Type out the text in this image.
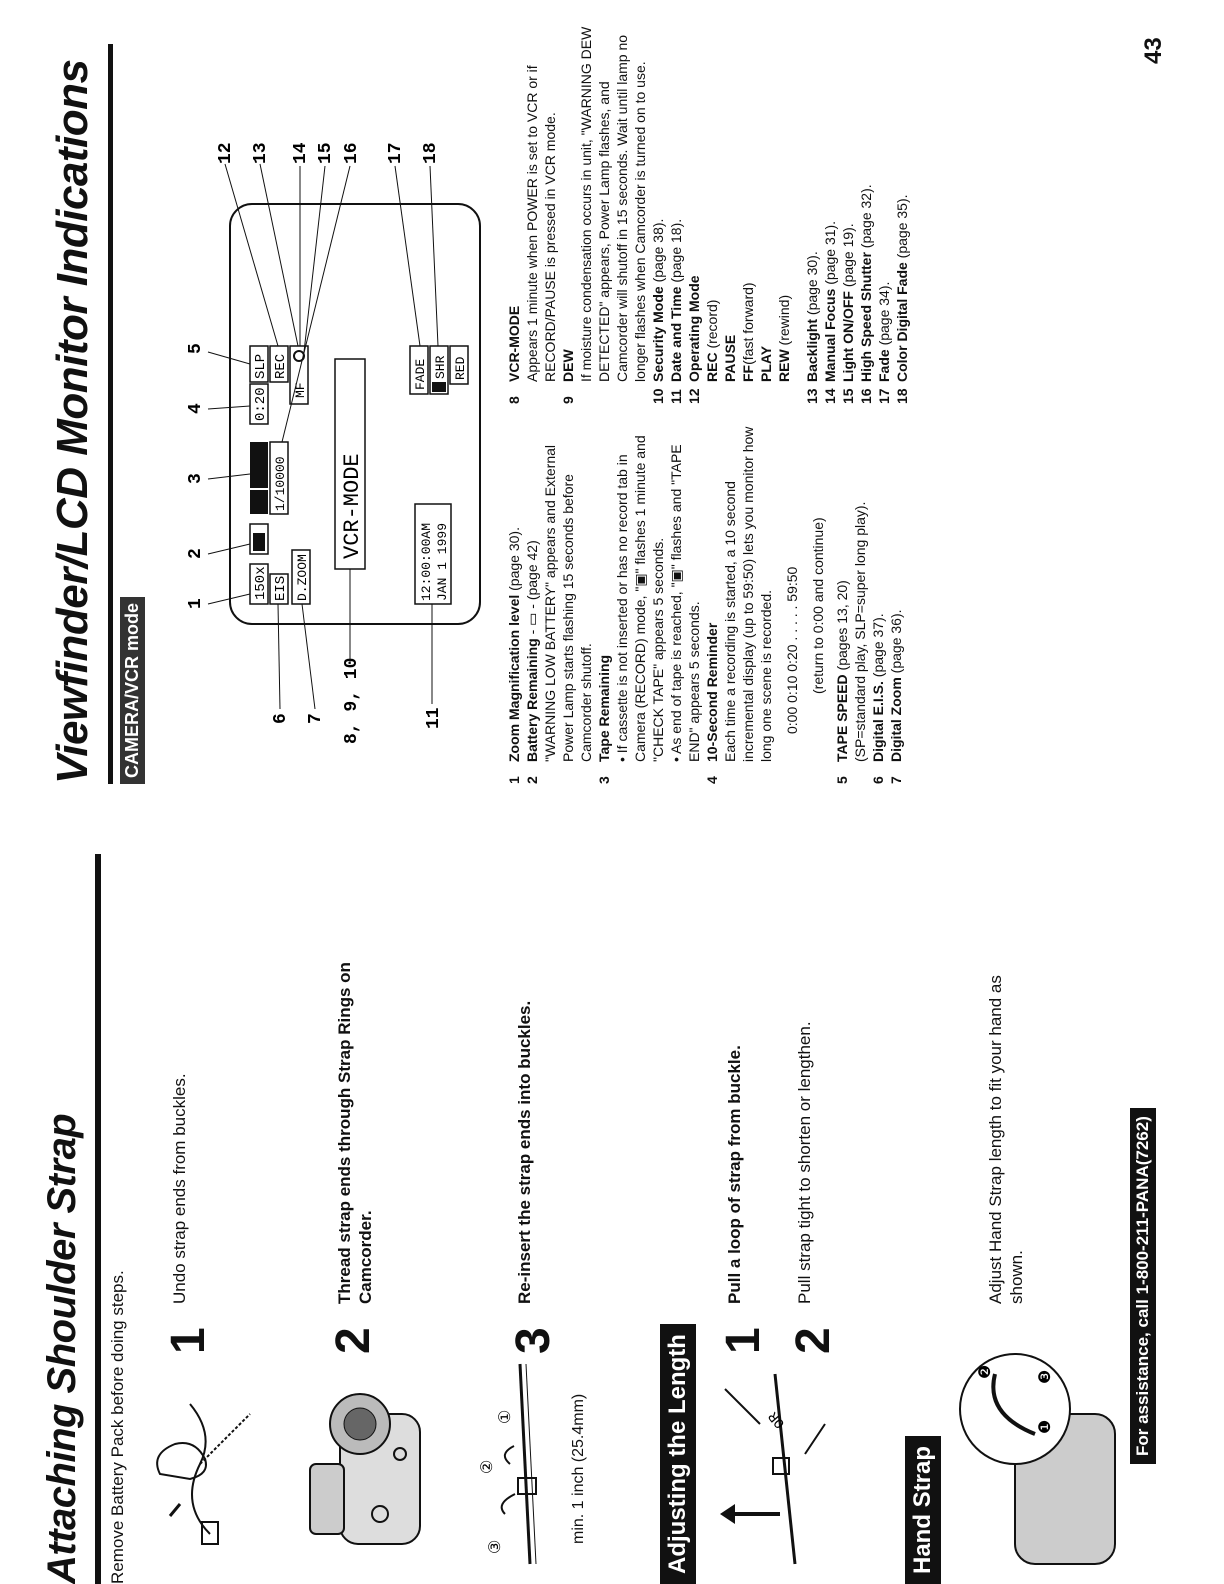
Attaching Shoulder Strap Remove Battery Pack before doing steps. 1
Undo strap ends from buckles.
2
Thread strap ends through Strap Rings on Camcorder.
③
②
①	min. 1 inch (25.4mm)
3
Re-insert the strap ends into buckles.
Adjusting the Length	OR
1
Pull a loop of strap from buckle.
2
Pull strap tight to shorten or lengthen.
Hand Strap
❶
❷	❸
Adjust Hand Strap length to fit your hand as shown.	For assistance, call 1-800-211-PANA(7262)
Viewfinder/LCD Monitor Indications CAMERA/VCR mode
150x EIS D.ZOOM
1/10000
0:20
SLP REC
MF
VCR-MODE
12:00:00AM JAN 1 1999
FADE SHR RED
1
2
3
4
5
6 7 8, 9, 10	11
12 13 14 15 16 17 18
1
Zoom Magnification level (page 30).
2
Battery Remaining - ▭ - (page 42) "WARNING LOW BATTERY" appears and External Power Lamp starts flashing 15 seconds before Camcorder shutoff.
3
Tape Remaining • If cassette is not inserted or has no record tab in Camera (RECORD) mode, "▣" flashes 1 minute and "CHECK TAPE" appears 5 seconds. • As end of tape is reached, "▣" flashes and "TAPE END" appears 5 seconds.
4
10-Second Reminder Each time a recording is started, a 10 second incremental display (up to 59:50) lets you monitor how long one scene is recorded. 0:00 0:10 0:20 . . . . . 59:50 (return to 0:00 and continue)
5
TAPE SPEED (pages 13, 20) (SP=standard play, SLP=super long play).
6
Digital E.I.S. (page 37).
7
Digital Zoom (page 36).
8
VCR-MODE Appears 1 minute when POWER is set to VCR or if RECORD/PAUSE is pressed in VCR mode.
9
DEW If moisture condensation occurs in unit, "WARNING DEW DETECTED" appears, Power Lamp flashes, and Camcorder will shutoff in 15 seconds. Wait until lamp no longer flashes when Camcorder is turned on to use.
10
Security Mode (page 38).
11
Date and Time (page 18).
12
Operating Mode REC (record)
PAUSE FF(fast forward) PLAY REW (rewind)
13
Backlight (page 30).
14
Manual Focus (page 31).
15
Light ON/OFF (page 19).
16
High Speed Shutter (page 32).
17
Fade (page 34).
18
Color Digital Fade (page 35).
43
